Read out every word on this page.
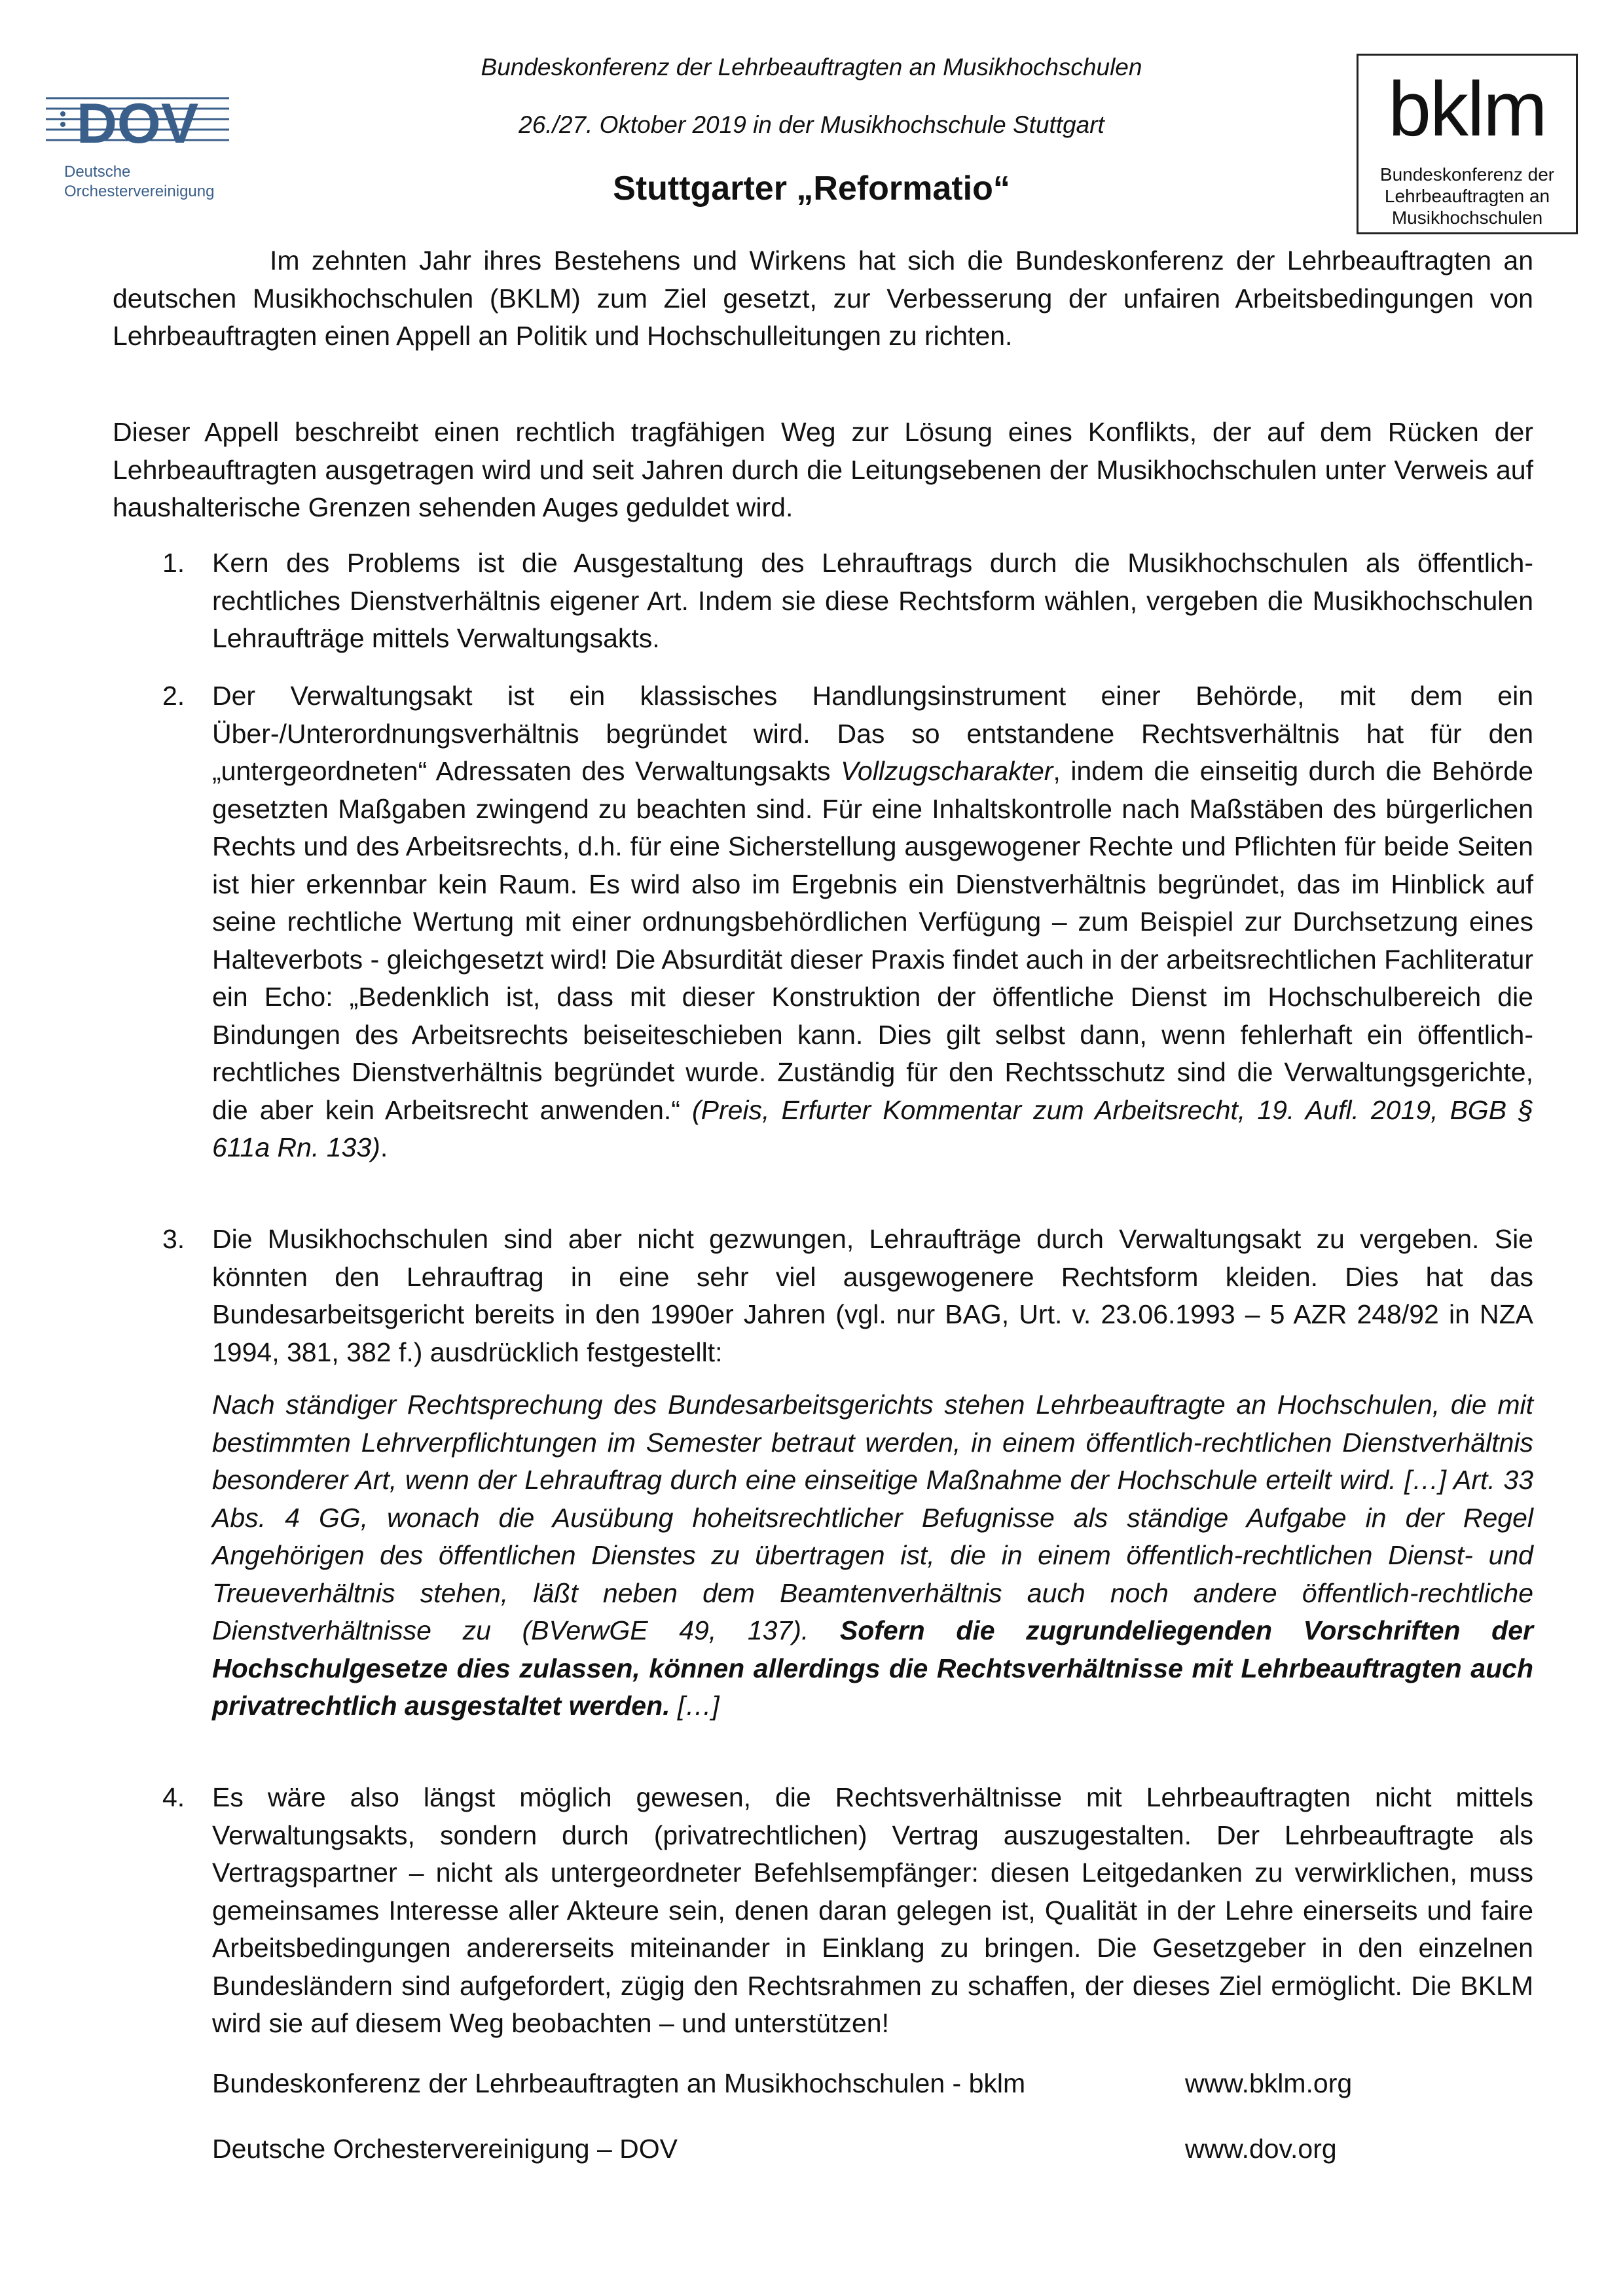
Bundeskonferenz der Lehrbeauftragten an Musikhochschulen
26./27. Oktober 2019 in der Musikhochschule Stuttgart
Stuttgarter „Reformatio“
DOV
Deutsche
Orchestervereinigung
bklm
Bundeskonferenz der
Lehrbeauftragten an
Musikhochschulen

Im zehnten Jahr ihres Bestehens und Wirkens hat sich die Bundeskonferenz der Lehrbeauftragten an deutschen Musikhochschulen (BKLM) zum Ziel gesetzt, zur Verbesserung der unfairen Arbeitsbedingungen von Lehrbeauftragten einen Appell an Politik und Hochschulleitungen zu richten.

Dieser Appell beschreibt einen rechtlich tragfähigen Weg zur Lösung eines Konflikts, der auf dem Rücken der Lehrbeauftragten ausgetragen wird und seit Jahren durch die Leitungsebenen der Musikhochschulen unter Verweis auf haushalterische Grenzen sehenden Auges geduldet wird.

1.	Kern des Problems ist die Ausgestaltung des Lehrauftrags durch die Musikhochschulen als öffentlich-rechtliches Dienstverhältnis eigener Art. Indem sie diese Rechtsform wählen, vergeben die Musikhochschulen Lehraufträge mittels Verwaltungsakts.
2.	Der Verwaltungsakt ist ein klassisches Handlungsinstrument einer Behörde, mit dem ein Über-/Unterordnungsverhältnis begründet wird. Das so entstandene Rechtsverhältnis hat für den „untergeordneten“ Adressaten des Verwaltungsakts Vollzugscharakter, indem die einseitig durch die Behörde gesetzten Maßgaben zwingend zu beachten sind. Für eine Inhaltskontrolle nach Maßstäben des bürgerlichen Rechts und des Arbeitsrechts, d.h. für eine Sicherstellung ausgewogener Rechte und Pflichten für beide Seiten ist hier erkennbar kein Raum. Es wird also im Ergebnis ein Dienstverhältnis begründet, das im Hinblick auf seine rechtliche Wertung mit einer ordnungsbehördlichen Verfügung – zum Beispiel zur Durchsetzung eines Halteverbots - gleichgesetzt wird! Die Absurdität dieser Praxis findet auch in der arbeitsrechtlichen Fachliteratur ein Echo: „Bedenklich ist, dass mit dieser Konstruktion der öffentliche Dienst im Hochschulbereich die Bindungen des Arbeitsrechts beiseiteschieben kann. Dies gilt selbst dann, wenn fehlerhaft ein öffentlich-rechtliches Dienstverhältnis begründet wurde. Zuständig für den Rechtsschutz sind die Verwaltungsgerichte, die aber kein Arbeitsrecht anwenden.“ (Preis, Erfurter Kommentar zum Arbeitsrecht, 19. Aufl. 2019, BGB § 611a Rn. 133).
3.	Die Musikhochschulen sind aber nicht gezwungen, Lehraufträge durch Verwaltungsakt zu vergeben. Sie könnten den Lehrauftrag in eine sehr viel ausgewogenere Rechtsform kleiden. Dies hat das Bundesarbeitsgericht bereits in den 1990er Jahren (vgl. nur BAG, Urt. v. 23.06.1993 – 5 AZR 248/92 in NZA 1994, 381, 382 f.) ausdrücklich festgestellt:
4.	Es wäre also längst möglich gewesen, die Rechtsverhältnisse mit Lehrbeauftragten nicht mittels Verwaltungsakts, sondern durch (privatrechtlichen) Vertrag auszugestalten. Der Lehrbeauftragte als Vertragspartner – nicht als untergeordneter Befehlsempfänger: diesen Leitgedanken zu verwirklichen, muss gemeinsames Interesse aller Akteure sein, denen daran gelegen ist, Qualität in der Lehre einerseits und faire Arbeitsbedingungen andererseits miteinander in Einklang zu bringen. Die Gesetzgeber in den einzelnen Bundesländern sind aufgefordert, zügig den Rechtsrahmen zu schaffen, der dieses Ziel ermöglicht. Die BKLM wird sie auf diesem Weg beobachten – und unterstützen!
Nach ständiger Rechtsprechung des Bundesarbeitsgerichts stehen Lehrbeauftragte an Hochschulen, die mit bestimmten Lehrverpflichtungen im Semester betraut werden, in einem öffentlich-rechtlichen Dienstverhältnis besonderer Art, wenn der Lehrauftrag durch eine einseitige Maßnahme der Hochschule erteilt wird. […] Art. 33 Abs. 4 GG, wonach die Ausübung hoheitsrechtlicher Befugnisse als ständige Aufgabe in der Regel Angehörigen des öffentlichen Dienstes zu übertragen ist, die in einem öffentlich-rechtlichen Dienst- und Treueverhältnis stehen, läßt neben dem Beamtenverhältnis auch noch andere öffentlich-rechtliche Dienstverhältnisse zu (BVerwGE 49, 137). Sofern die zugrundeliegenden Vorschriften der Hochschulgesetze dies zulassen, können allerdings die Rechtsverhältnisse mit Lehrbeauftragten auch privatrechtlich ausgestaltet werden. […]
Bundeskonferenz der Lehrbeauftragten an Musikhochschulen - bklm	www.bklm.org
Deutsche Orchestervereinigung – DOV	www.dov.org
